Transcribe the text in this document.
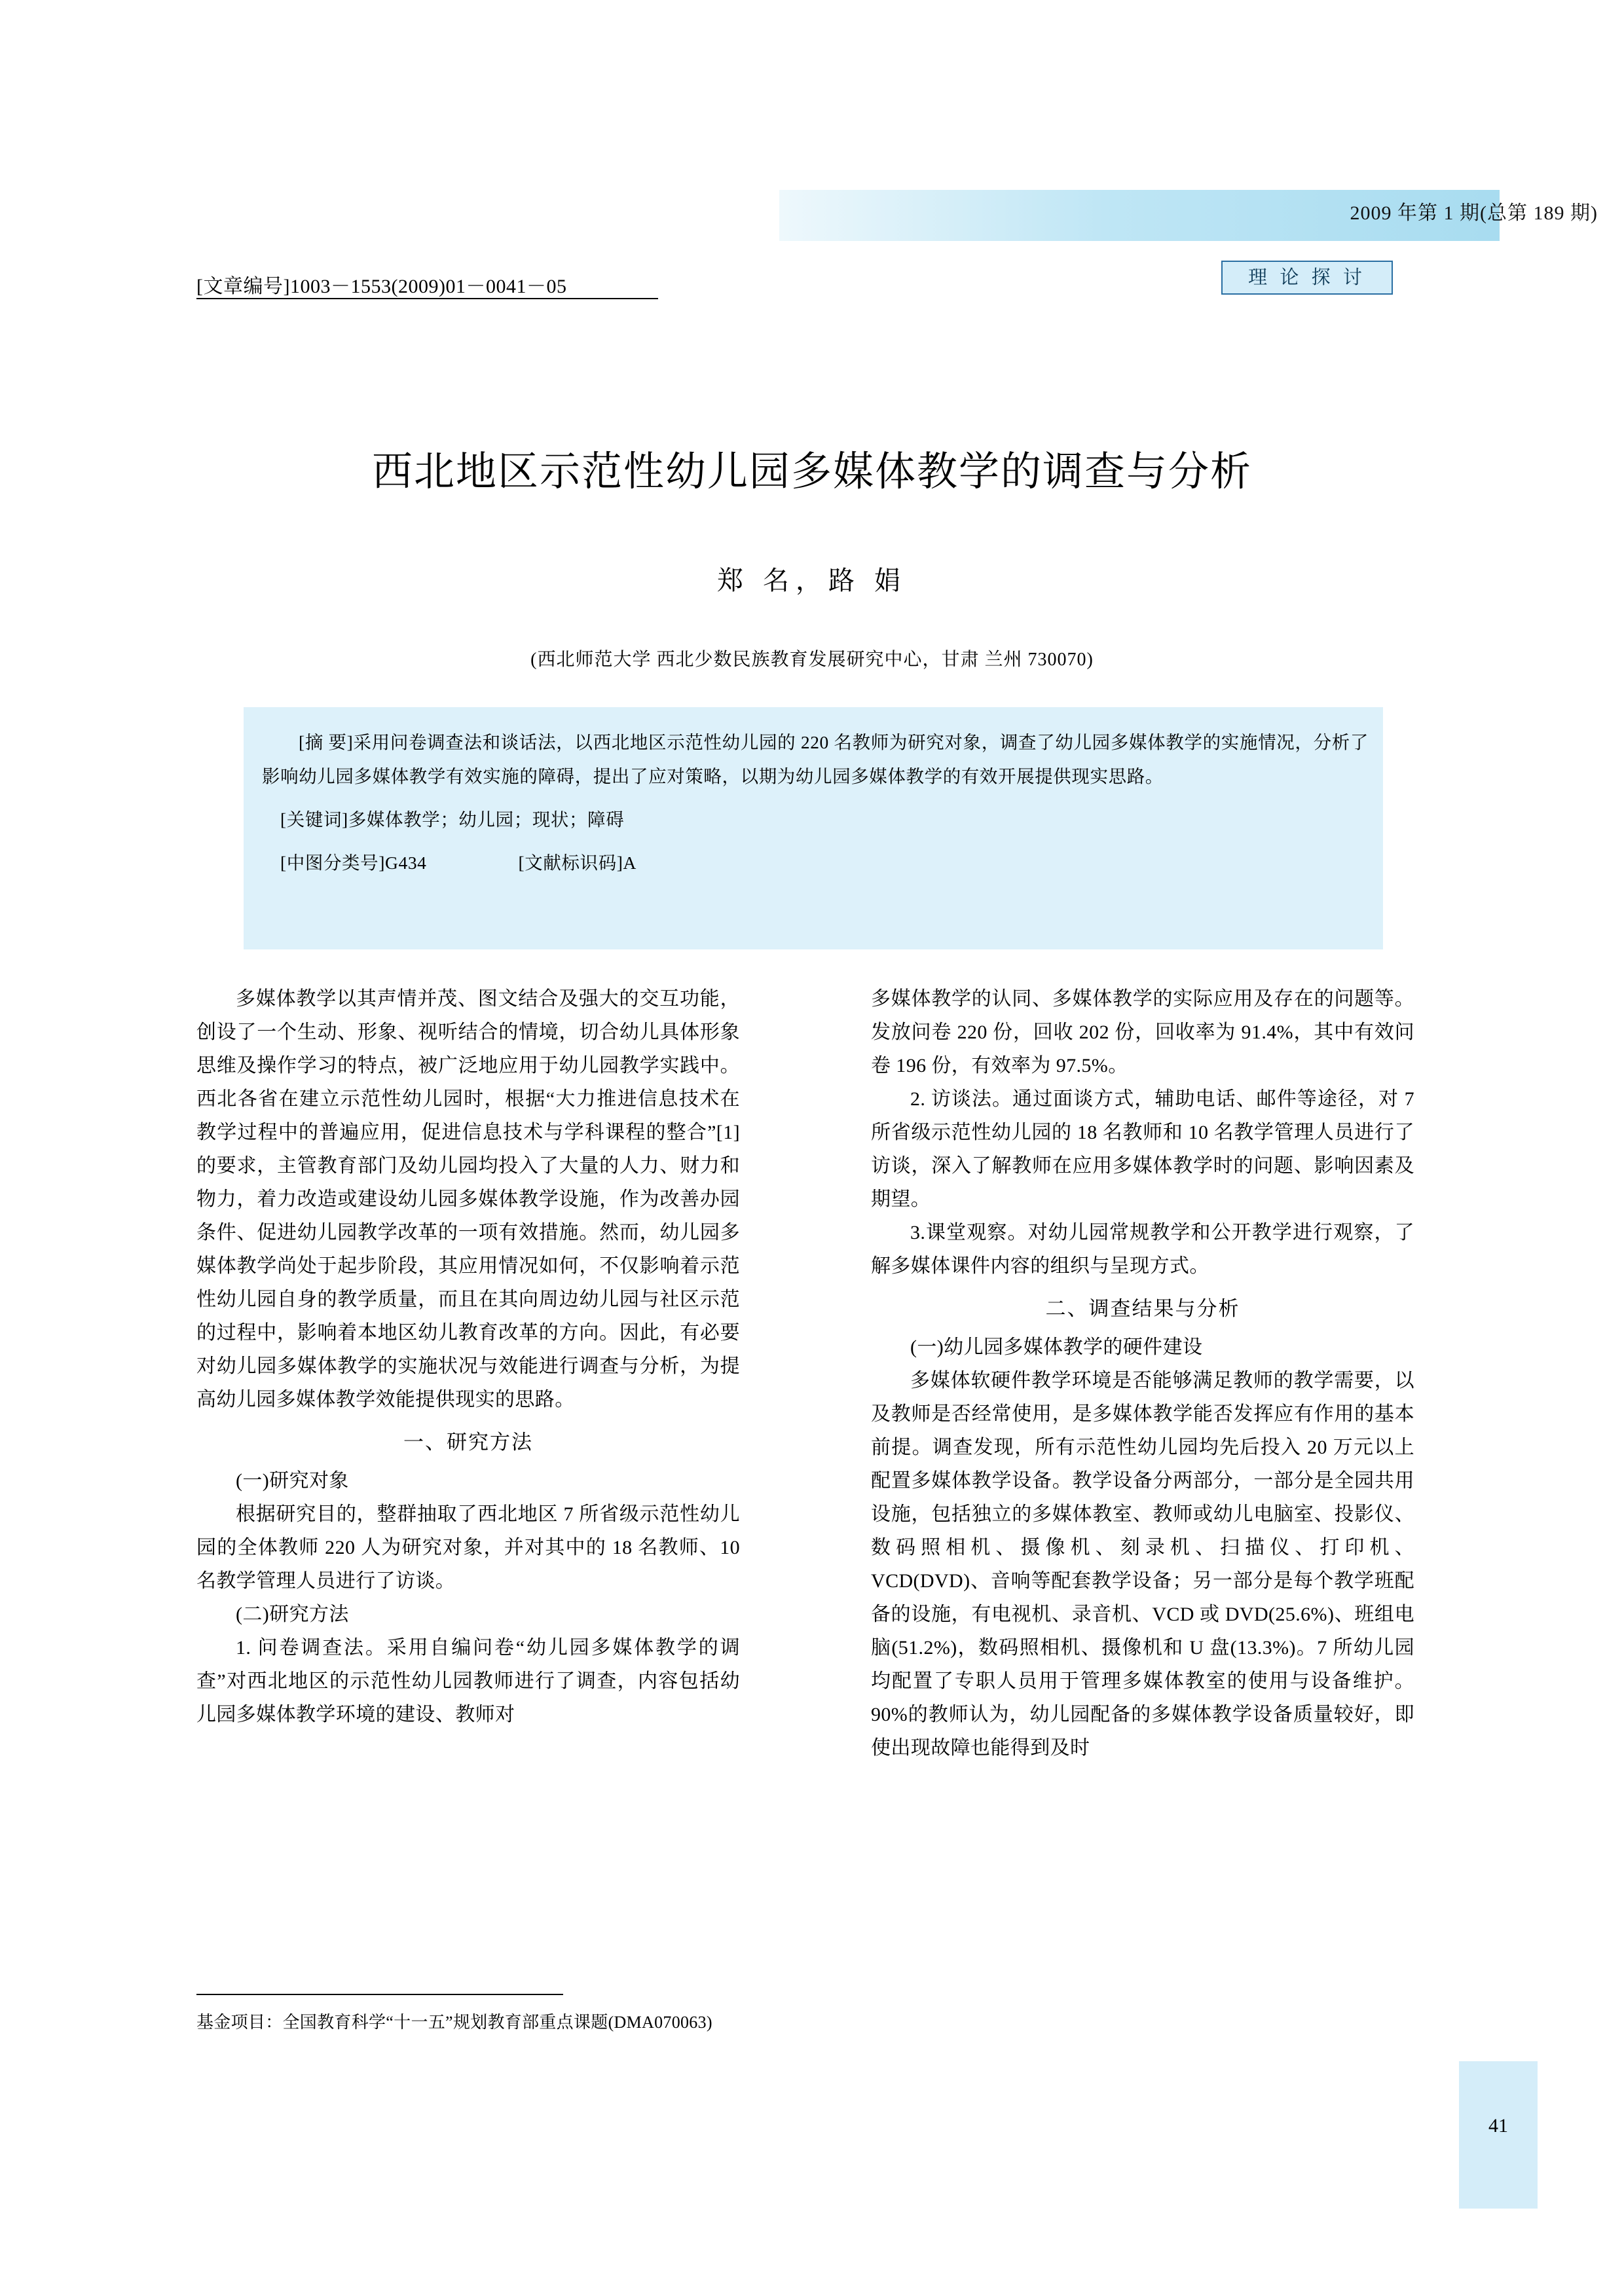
2009 年第 1 期(总第 189 期)
[文章编号]1003－1553(2009)01－0041－05	理 论 探 讨
西北地区示范性幼儿园多媒体教学的调查与分析
郑 名，路 娟
(西北师范大学 西北少数民族教育发展研究中心，甘肃 兰州 730070)

[摘 要]采用问卷调查法和谈话法，以西北地区示范性幼儿园的 220 名教师为研究对象，调查了幼儿园多媒体教学的实施情况，分析了影响幼儿园多媒体教学有效实施的障碍，提出了应对策略，以期为幼儿园多媒体教学的有效开展提供现实思路。

[关键词]多媒体教学；幼儿园；现状；障碍

[中图分类号]G434	[文献标识码]A

多媒体教学以其声情并茂、图文结合及强大的交互功能，创设了一个生动、形象、视听结合的情境，切合幼儿具体形象思维及操作学习的特点，被广泛地应用于幼儿园教学实践中。西北各省在建立示范性幼儿园时，根据“大力推进信息技术在教学过程中的普遍应用，促进信息技术与学科课程的整合”[1]的要求，主管教育部门及幼儿园均投入了大量的人力、财力和物力，着力改造或建设幼儿园多媒体教学设施，作为改善办园条件、促进幼儿园教学改革的一项有效措施。然而，幼儿园多媒体教学尚处于起步阶段，其应用情况如何，不仅影响着示范性幼儿园自身的教学质量，而且在其向周边幼儿园与社区示范的过程中，影响着本地区幼儿教育改革的方向。因此，有必要对幼儿园多媒体教学的实施状况与效能进行调查与分析，为提高幼儿园多媒体教学效能提供现实的思路。

一、研究方法

(一)研究对象

根据研究目的，整群抽取了西北地区 7 所省级示范性幼儿园的全体教师 220 人为研究对象，并对其中的 18 名教师、10 名教学管理人员进行了访谈。

(二)研究方法

1. 问卷调查法。采用自编问卷“幼儿园多媒体教学的调查”对西北地区的示范性幼儿园教师进行了调查，内容包括幼儿园多媒体教学环境的建设、教师对

多媒体教学的认同、多媒体教学的实际应用及存在的问题等。发放问卷 220 份，回收 202 份，回收率为 91.4%，其中有效问卷 196 份，有效率为 97.5%。

2. 访谈法。通过面谈方式，辅助电话、邮件等途径，对 7 所省级示范性幼儿园的 18 名教师和 10 名教学管理人员进行了访谈，深入了解教师在应用多媒体教学时的问题、影响因素及期望。

3.课堂观察。对幼儿园常规教学和公开教学进行观察，了解多媒体课件内容的组织与呈现方式。

二、调查结果与分析

(一)幼儿园多媒体教学的硬件建设

多媒体软硬件教学环境是否能够满足教师的教学需要，以及教师是否经常使用，是多媒体教学能否发挥应有作用的基本前提。调查发现，所有示范性幼儿园均先后投入 20 万元以上配置多媒体教学设备。教学设备分两部分，一部分是全园共用设施，包括独立的多媒体教室、教师或幼儿电脑室、投影仪、数码照相机、摄像机、刻录机、扫描仪、打印机、VCD(DVD)、音响等配套教学设备；另一部分是每个教学班配备的设施，有电视机、录音机、VCD 或 DVD(25.6%)、班组电脑(51.2%)，数码照相机、摄像机和 U 盘(13.3%)。7 所幼儿园均配置了专职人员用于管理多媒体教室的使用与设备维护。90%的教师认为，幼儿园配备的多媒体教学设备质量较好，即使出现故障也能得到及时

基金项目：全国教育科学“十一五”规划教育部重点课题(DMA070063)
41
